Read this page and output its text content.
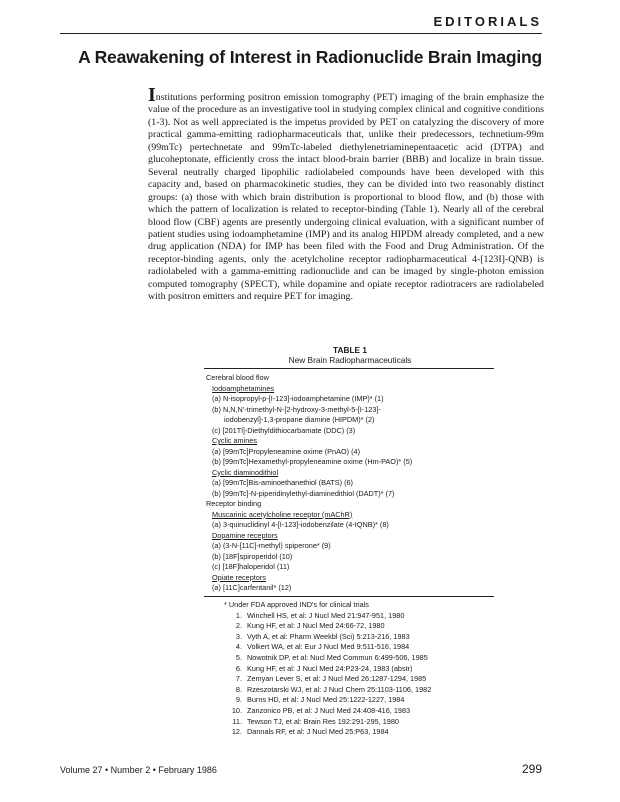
EDITORIALS
A Reawakening of Interest in Radionuclide Brain Imaging
Institutions performing positron emission tomography (PET) imaging of the brain emphasize the value of the procedure as an investigative tool in studying complex clinical and cognitive conditions (1-3). Not as well appreciated is the impetus provided by PET on catalyzing the discovery of more practical gamma-emitting radiopharmaceuticals that, unlike their predecessors, technetium-99m (99mTc) pertechnetate and 99mTc-labeled diethylenetriaminepentaacetic acid (DTPA) and glucoheptonate, efficiently cross the intact blood-brain barrier (BBB) and localize in brain tissue. Several neutrally charged lipophilic radiolabeled compounds have been developed with this capacity and, based on pharmacokinetic studies, they can be divided into two reasonably distinct groups: (a) those with which brain distribution is proportional to blood flow, and (b) those with which the pattern of localization is related to receptor-binding (Table 1). Nearly all of the cerebral blood flow (CBF) agents are presently undergoing clinical evaluation, with a significant number of patient studies using iodoamphetamine (IMP) and its analog HIPDM already completed, and a new drug application (NDA) for IMP has been filed with the Food and Drug Administration. Of the receptor-binding agents, only the acetylcholine receptor radiopharmaceutical 4-[123I]-QNB) is radiolabeled with a gamma-emitting radionuclide and can be imaged by single-photon emission computed tomography (SPECT), while dopamine and opiate receptor radiotracers are radiolabeled with positron emitters and require PET for imaging.
TABLE 1
New Brain Radiopharmaceuticals
Cerebral blood flow
Iodoamphetamines
(a) N-isopropyl-p-[I-123]-iodoamphetamine (IMP)* (1)
(b) N,N,N'-trimethyl-N-[2-hydroxy-3-methyl-5-[I-123]-
iodobenzyl]-1,3-propane diamine (HIPDM)* (2)
(c) [201Tl]-Diethyldithiocarbamate (DDC) (3)
Cyclic amines
(a) [99mTc]Propyleneamine oxime (PnAO) (4)
(b) [99mTc]Hexamethyl-propyleneamine oxime (Hm-PAO)* (5)
Cyclic diaminodithiol
(a) [99mTc]Bis-aminoethanethiol (BATS) (6)
(b) [99mTc]-N-piperidinylethyl-diaminedithiol (DADT)* (7)
Receptor binding
Muscarinic acetylcholine receptor (mAChR)
(a) 3-quinuclidinyl 4-[I-123]-iodobenzilate (4-IQNB)* (8)
Dopamine receptors
(a) (3-N-[11C]-methyl) spiperone* (9)
(b) [18F]spiroperidol (10)
(c) [18F]haloperidol (11)
Opiate receptors
(a) [11C]carfentanil* (12)
* Under FDA approved IND's for clinical trials
1. Winchell HS, et al: J Nucl Med 21:947-951, 1980
2. Kung HF, et al: J Nucl Med 24:66-72, 1980
3. Vyth A, et al: Pharm Weekbl (Sci) 5:213-216, 1983
4. Volkert WA, et al: Eur J Nucl Med 9:511-516, 1984
5. Nowotnik DP, et al: Nucl Med Commun 6:499-506, 1985
6. Kung HF, et al: J Nucl Med 24:P23-24, 1983 (abstr)
7. Zemyan Lever S, et al: J Nucl Med 26:1287-1294, 1985
8. Rzeszotarski WJ, et al: J Nucl Chem 25:1103-1106, 1982
9. Burns HD, et al: J Nucl Med 25:1222-1227, 1984
10. Zanzonico PB, et al: J Nucl Med 24:408-416, 1983
11. Tewson TJ, et al: Brain Res 192:291-295, 1980
12. Dannals RF, et al: J Nucl Med 25:P63, 1984
Volume 27 • Number 2 • February 1986	299
